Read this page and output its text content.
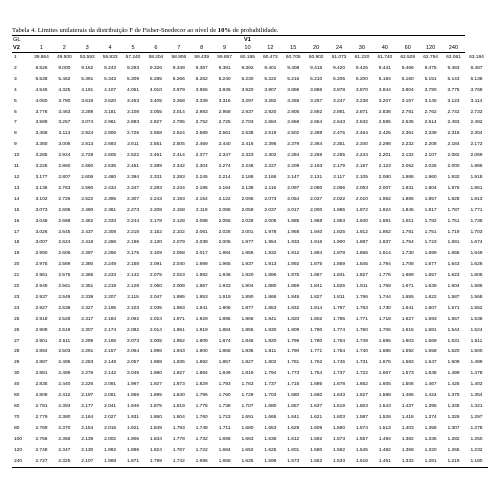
Tabela 4. Limites unilaterais da distribuição F de Fisher-Snedecor ao nível de 10% de probabilidade.
GL	V1																			
V2	1	2	3	4	5	6	7	8	9	10	12	15	20	24	30	40	60	120	240	
1	39.864	49.500	53.593	55.833	57.240	58.204	58.906	59.439	59.857	60.195	60.473	60.705	60.902	61.073	61.220	61.740	62.529	62.794	63.061	63.194
2	8.526	9.000	9.162	9.243	9.293	9.326	9.349	9.367	9.381	9.392	9.401	9.408	9.415	9.420	9.425	9.441	9.466	9.475	9.483	9.487
3	5.538	5.462	5.391	5.343	5.309	5.285	5.266	5.252	5.240	5.230	5.222	5.216	5.210	5.205	5.200	5.184	5.160	5.151	5.143	5.138
4	4.545	4.325	4.191	4.107	4.051	4.010	3.979	3.955	3.936	3.920	3.907	3.896	3.886	3.878	3.870	3.844	3.804	3.790	3.775	3.768
5	4.060	3.780	3.619	3.520	3.453	3.405	3.368	3.339	3.316	3.297	3.282	3.268	3.257	3.247	3.238	3.207	3.157	3.140	3.123	3.114
6	3.776	3.463	3.289	3.181	3.108	3.055	3.014	2.983	2.958	2.937	2.920	2.905	2.892	2.881	2.871	2.836	2.781	2.762	2.742	2.732
7	3.589	3.257	3.074	2.961	2.883	2.827	2.785	2.752	2.725	2.703	2.684	2.668	2.654	2.643	2.632	2.595	2.535	2.514	2.493	2.482
8	3.458	3.113	2.924	2.806	2.726	2.668	2.624	2.589	2.561	2.538	2.519	2.502	2.488	2.475	2.464	2.425	2.361	2.339	2.316	2.304
9	3.360	3.006	2.813	2.693	2.611	2.551	2.505	2.469	2.440	2.416	2.396	2.379	2.364	2.351	2.340	2.298	2.232	2.208	2.184	2.172
10	3.285	2.924	2.728	2.605	2.522	2.461	2.414	2.377	2.347	2.323	2.302	2.284	2.269	2.255	2.244	2.201	2.132	2.107	2.082	2.069
11	3.225	2.860	2.660	2.536	2.451	2.389	2.342	2.304	2.274	2.248	2.227	2.209	2.193	2.179	2.167	2.123	2.052	2.026	2.000	1.986
12	3.177	2.807	2.606	2.480	2.394	2.331	2.283	2.245	2.214	2.188	2.166	2.147	2.131	2.117	2.105	2.060	1.986	1.960	1.932	1.918
13	3.136	2.763	2.560	2.434	2.347	2.283	2.234	2.195	2.164	2.138	2.116	2.097	2.080	2.066	2.053	2.007	1.931	1.904	1.876	1.861
14	3.102	2.726	2.522	2.395	2.307	2.243	2.193	2.154	2.122	2.095	2.073	2.054	2.037	2.022	2.010	1.962	1.885	1.857	1.828	1.813
15	3.073	2.695	2.490	2.361	2.273	2.208	2.158	2.119	2.086	2.059	2.037	2.017	2.000	1.985	1.972	1.924	1.845	1.817	1.787	1.771
16	3.048	2.668	2.462	2.333	2.244	2.178	2.128	2.088	2.055	2.028	2.005	1.985	1.968	1.953	1.940	1.891	1.811	1.782	1.751	1.735
17	3.026	2.645	2.437	2.308	2.218	2.152	2.102	2.061	2.028	2.001	1.978	1.958	1.940	1.925	1.912	1.862	1.781	1.751	1.719	1.703
18	3.007	2.624	2.416	2.286	2.196	2.130	2.079	2.038	2.005	1.977	1.954	1.933	1.916	1.900	1.887	1.837	1.754	1.723	1.691	1.674
19	2.990	2.606	2.397	2.266	2.176	2.109	2.058	2.017	1.984	1.956	1.932	1.912	1.894	1.878	1.865	1.814	1.730	1.699	1.666	1.649
20	2.975	2.589	2.380	2.249	2.158	2.091	2.040	1.999	1.965	1.937	1.913	1.892	1.875	1.859	1.845	1.794	1.708	1.677	1.643	1.626
21	2.961	2.575	2.365	2.233	2.142	2.075	2.023	1.982	1.948	1.920	1.896	1.875	1.857	1.841	1.827	1.776	1.689	1.657	1.623	1.605
22	2.949	2.561	2.351	2.219	2.128	2.060	2.008	1.967	1.933	1.904	1.880	1.859	1.841	1.825	1.811	1.759	1.671	1.639	1.604	1.586
23	2.937	2.549	2.339	2.207	2.115	2.047	1.995	1.953	1.919	1.890	1.866	1.845	1.827	1.811	1.796	1.744	1.655	1.622	1.587	1.568
24	2.927	2.538	2.327	2.195	2.103	2.035	1.983	1.941	1.906	1.877	1.853	1.832	1.814	1.797	1.783	1.730	1.641	1.607	1.571	1.552
25	2.918	2.528	2.317	2.184	2.092	2.024	1.971	1.929	1.895	1.866	1.841	1.820	1.802	1.785	1.771	1.718	1.627	1.593	1.557	1.538
26	2.909	2.519	2.307	2.174	2.082	2.014	1.961	1.919	1.884	1.855	1.830	1.809	1.790	1.774	1.760	1.706	1.615	1.581	1.544	1.524
27	2.901	2.511	2.299	2.165	2.073	2.005	1.952	1.909	1.874	1.845	1.820	1.799	1.780	1.764	1.749	1.695	1.603	1.569	1.531	1.511
28	2.894	2.503	2.291	2.157	2.064	1.996	1.943	1.900	1.865	1.836	1.811	1.790	1.771	1.754	1.740	1.685	1.592	1.558	1.520	1.500
29	2.887	2.495	2.283	2.149	2.057	1.988	1.935	1.892	1.857	1.827	1.802	1.781	1.762	1.745	1.731	1.676	1.583	1.547	1.509	1.489
30	2.881	2.489	2.276	2.142	2.049	1.980	1.927	1.884	1.849	1.819	1.794	1.773	1.754	1.737	1.722	1.667	1.573	1.538	1.499	1.478
40	2.835	2.440	2.226	2.091	1.997	1.927	1.873	1.829	1.793	1.763	1.737	1.715	1.695	1.678	1.662	1.605	1.506	1.467	1.425	1.402
50	2.809	2.412	2.197	2.061	1.966	1.895	1.840	1.796	1.760	1.729	1.703	1.680	1.660	1.643	1.627	1.568	1.465	1.424	1.379	1.354
60	2.791	2.393	2.177	2.041	1.946	1.875	1.819	1.775	1.738	1.707	1.680	1.657	1.637	1.619	1.603	1.543	1.437	1.395	1.348	1.321
70	2.779	2.380	2.164	2.027	1.931	1.860	1.804	1.760	1.723	1.691	1.665	1.641	1.621	1.603	1.587	1.526	1.418	1.374	1.325	1.297
80	2.769	2.370	2.154	2.016	1.921	1.849	1.793	1.748	1.711	1.680	1.653	1.629	1.609	1.590	1.574	1.513	1.403	1.358	1.307	1.278
100	2.756	2.356	2.139	2.002	1.906	1.834	1.778	1.732	1.695	1.663	1.636	1.612	1.592	1.573	1.557	1.494	1.382	1.336	1.282	1.250
120	2.748	2.347	2.130	1.992	1.896	1.824	1.767	1.722	1.684	1.652	1.625	1.601	1.580	1.562	1.545	1.482	1.368	1.320	1.265	1.232
240	2.727	2.325	2.107	1.968	1.871	1.799	1.742	1.696	1.658	1.625	1.598	1.573	1.552	1.533	1.516	1.451	1.332	1.281	1.219	1.180
